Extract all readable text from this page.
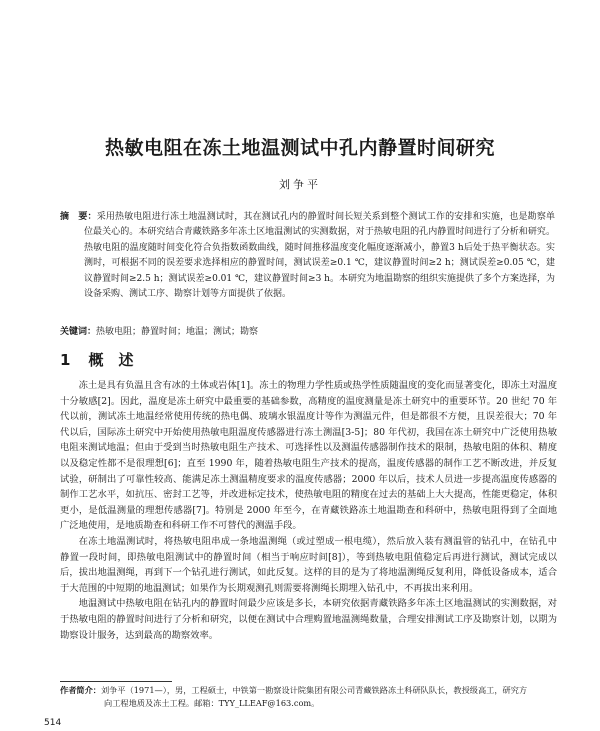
热敏电阻在冻土地温测试中孔内静置时间研究
刘争平
摘　要：采用热敏电阻进行冻土地温测试时，其在测试孔内的静置时间长短关系到整个测试工作的安排和实施，也是勘察单位最关心的。本研究结合青藏铁路多年冻土区地温测试的实测数据，对于热敏电阻的孔内静置时间进行了分析和研究。热敏电阻的温度随时间变化符合负指数函数曲线，随时间推移温度变化幅度逐渐减小，静置3 h后处于热平衡状态。实测时，可根据不同的误差要求选择相应的静置时间，测试误差≥0.1 ℃，建议静置时间≥2 h；测试误差≥0.05 ℃，建议静置时间≥2.5 h；测试误差≥0.01 ℃，建议静置时间≥3 h。本研究为地温勘察的组织实施提供了多个方案选择，为设备采购、测试工序、勘察计划等方面提供了依据。
关键词：热敏电阻；静置时间；地温；测试；勘察
1 概　述

冻土是具有负温且含有冰的土体或岩体[1]。冻土的物理力学性质或热学性质随温度的变化而显著变化，即冻土对温度十分敏感[2]。因此，温度是冻土研究中最重要的基础参数，高精度的温度测量是冻土研究中的重要环节。20 世纪 70 年代以前，测试冻土地温经常使用传统的热电偶、玻璃水银温度计等作为测温元件，但是都很不方便，且误差很大；70 年代以后，国际冻土研究中开始使用热敏电阻温度传感器进行冻土测温[3-5]；80 年代初，我国在冻土研究中广泛使用热敏电阻来测试地温；但由于受到当时热敏电阻生产技术、可选择性以及测温传感器制作技术的限制，热敏电阻的体积、精度以及稳定性都不是很理想[6]；直至 1990 年，随着热敏电阻生产技术的提高，温度传感器的制作工艺不断改进，并反复试验，研制出了可靠性较高、能满足冻土测温精度要求的温度传感器；2000 年以后，技术人员进一步提高温度传感器的制作工艺水平，如抗压、密封工艺等，并改进标定技术，使热敏电阻的精度在过去的基础上大大提高，性能更稳定，体积更小，是低温测量的理想传感器[7]。特别是 2000 年至今，在青藏铁路冻土地温勘查和科研中，热敏电阻得到了全面地广泛地使用，是地质勘查和科研工作不可替代的测温手段。

在冻土地温测试时，将热敏电阻串成一条地温测绳（或过塑成一根电缆），然后放入装有测温管的钻孔中，在钻孔中静置一段时间，即热敏电阻测试中的静置时间（相当于响应时间[8]），等到热敏电阻值稳定后再进行测试，测试完成以后，拔出地温测绳，再到下一个钻孔进行测试，如此反复。这样的目的是为了将地温测绳反复利用，降低设备成本，适合于大范围的中短期的地温测试；如果作为长期观测孔则需要将测绳长期埋入钻孔中，不再拔出来利用。

地温测试中热敏电阻在钻孔内的静置时间最少应该是多长，本研究依据青藏铁路多年冻土区地温测试的实测数据，对于热敏电阻的静置时间进行了分析和研究，以便在测试中合理购置地温测绳数量，合理安排测试工序及勘察计划，以期为勘察设计服务，达到最高的勘察效率。

作者简介：刘争平（1971—），男，工程硕士，中铁第一勘察设计院集团有限公司青藏铁路冻土科研队队长，教授级高工，研究方
向工程地质及冻土工程。邮箱：TYY_LLEAF@163.com。
514
